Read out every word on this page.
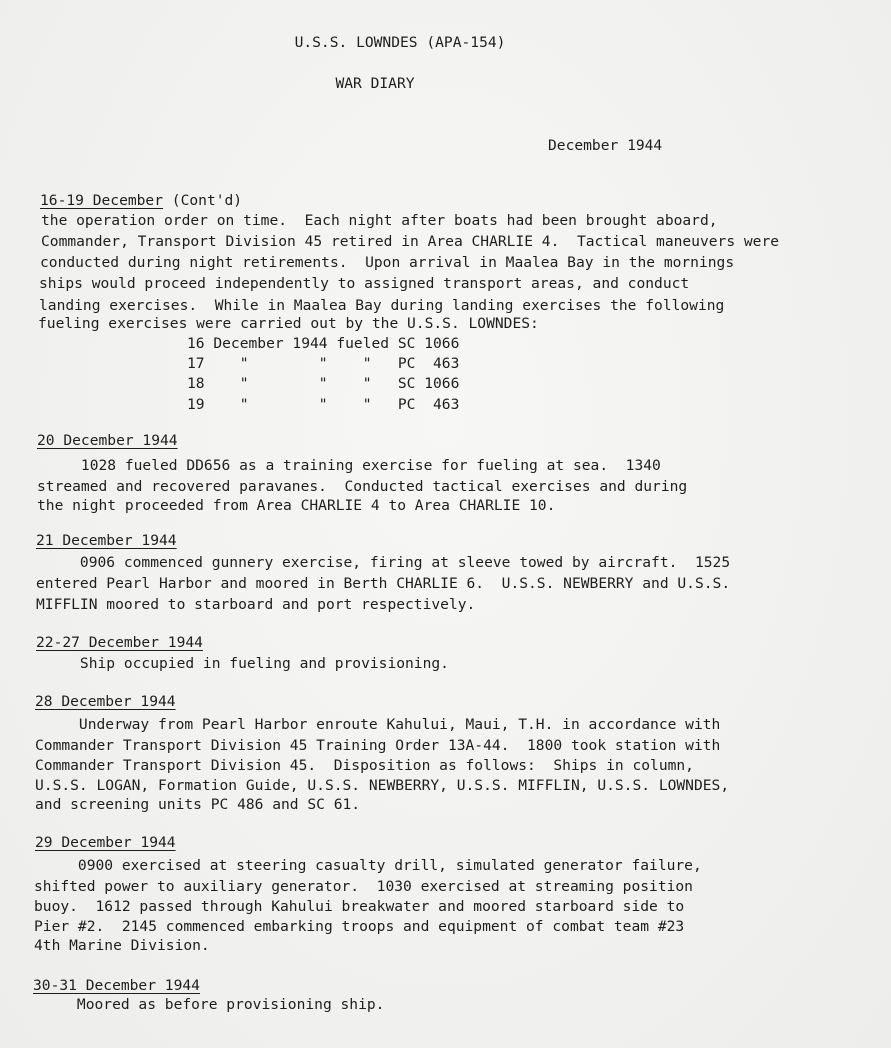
U.S.S. LOWNDES (APA-154)
WAR DIARY
December 1944
16-19 December (Cont'd)
the operation order on time.  Each night after boats had been brought aboard,
Commander, Transport Division 45 retired in Area CHARLIE 4.  Tactical maneuvers were
conducted during night retirements.  Upon arrival in Maalea Bay in the mornings
ships would proceed independently to assigned transport areas, and conduct
landing exercises.  While in Maalea Bay during landing exercises the following
fueling exercises were carried out by the U.S.S. LOWNDES:
16 December 1944 fueled SC 1066
17    "        "    "   PC  463
18    "        "    "   SC 1066
19    "        "    "   PC  463
20 December 1944
1028 fueled DD656 as a training exercise for fueling at sea.  1340
streamed and recovered paravanes.  Conducted tactical exercises and during
the night proceeded from Area CHARLIE 4 to Area CHARLIE 10.
21 December 1944
0906 commenced gunnery exercise, firing at sleeve towed by aircraft.  1525
entered Pearl Harbor and moored in Berth CHARLIE 6.  U.S.S. NEWBERRY and U.S.S.
MIFFLIN moored to starboard and port respectively.
22-27 December 1944
Ship occupied in fueling and provisioning.
28 December 1944
Underway from Pearl Harbor enroute Kahului, Maui, T.H. in accordance with
Commander Transport Division 45 Training Order 13A-44.  1800 took station with
Commander Transport Division 45.  Disposition as follows:  Ships in column,
U.S.S. LOGAN, Formation Guide, U.S.S. NEWBERRY, U.S.S. MIFFLIN, U.S.S. LOWNDES,
and screening units PC 486 and SC 61.
29 December 1944
0900 exercised at steering casualty drill, simulated generator failure,
shifted power to auxiliary generator.  1030 exercised at streaming position
buoy.  1612 passed through Kahului breakwater and moored starboard side to
Pier #2.  2145 commenced embarking troops and equipment of combat team #23
4th Marine Division.
30-31 December 1944
Moored as before provisioning ship.
